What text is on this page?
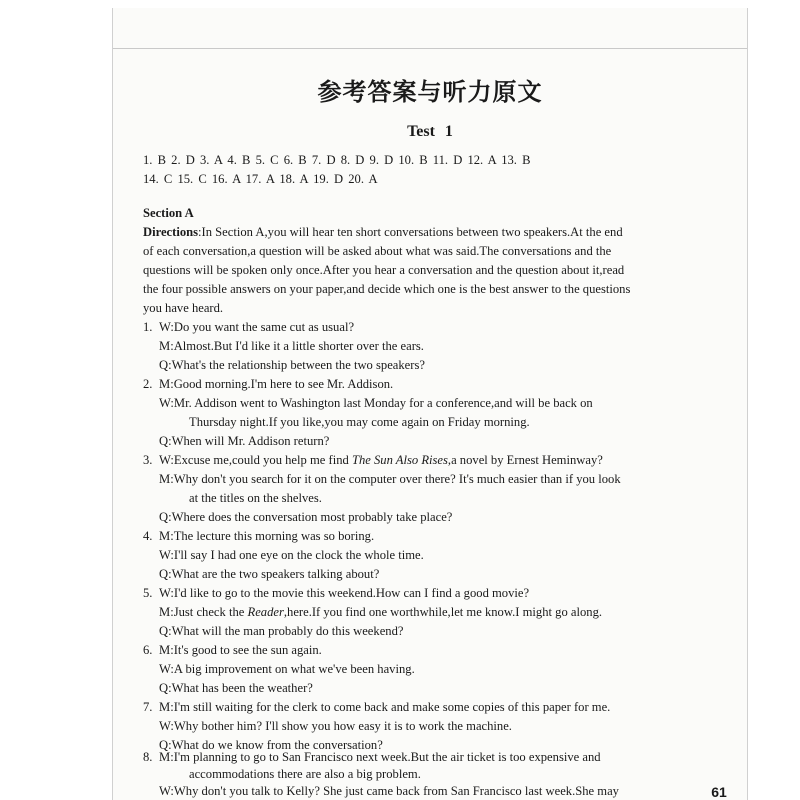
参考答案与听力原文
Test 1
1. B 2. D 3. A 4. B 5. C 6. B 7. D 8. D 9. D 10. B 11. D 12. A 13. B
14. C 15. C 16. A 17. A 18. A 19. D 20. A
Section A
Directions:In Section A,you will hear ten short conversations between two speakers.At the end
of each conversation,a question will be asked about what was said.The conversations and the
questions will be spoken only once.After you hear a conversation and the question about it,read
the four possible answers on your paper,and decide which one is the best answer to the questions
you have heard.
1. W:Do you want the same cut as usual?
M:Almost.But I'd like it a little shorter over the ears.
Q:What's the relationship between the two speakers?
2. M:Good morning.I'm here to see Mr. Addison.
W:Mr. Addison went to Washington last Monday for a conference,and will be back on
Thursday night.If you like,you may come again on Friday morning.
Q:When will Mr. Addison return?
3. W:Excuse me,could you help me find The Sun Also Rises,a novel by Ernest Heminway?
M:Why don't you search for it on the computer over there? It's much easier than if you look
at the titles on the shelves.
Q:Where does the conversation most probably take place?
4. M:The lecture this morning was so boring.
W:I'll say I had one eye on the clock the whole time.
Q:What are the two speakers talking about?
5. W:I'd like to go to the movie this weekend.How can I find a good movie?
M:Just check the Reader,here.If you find one worthwhile,let me know.I might go along.
Q:What will the man probably do this weekend?
6. M:It's good to see the sun again.
W:A big improvement on what we've been having.
Q:What has been the weather?
7. M:I'm still waiting for the clerk to come back and make some copies of this paper for me.
W:Why bother him? I'll show you how easy it is to work the machine.
Q:What do we know from the conversation?
8. M:I'm planning to go to San Francisco next week.But the air ticket is too expensive and
accommodations there are also a big problem.
W:Why don't you talk to Kelly? She just came back from San Francisco last week.She may	61
